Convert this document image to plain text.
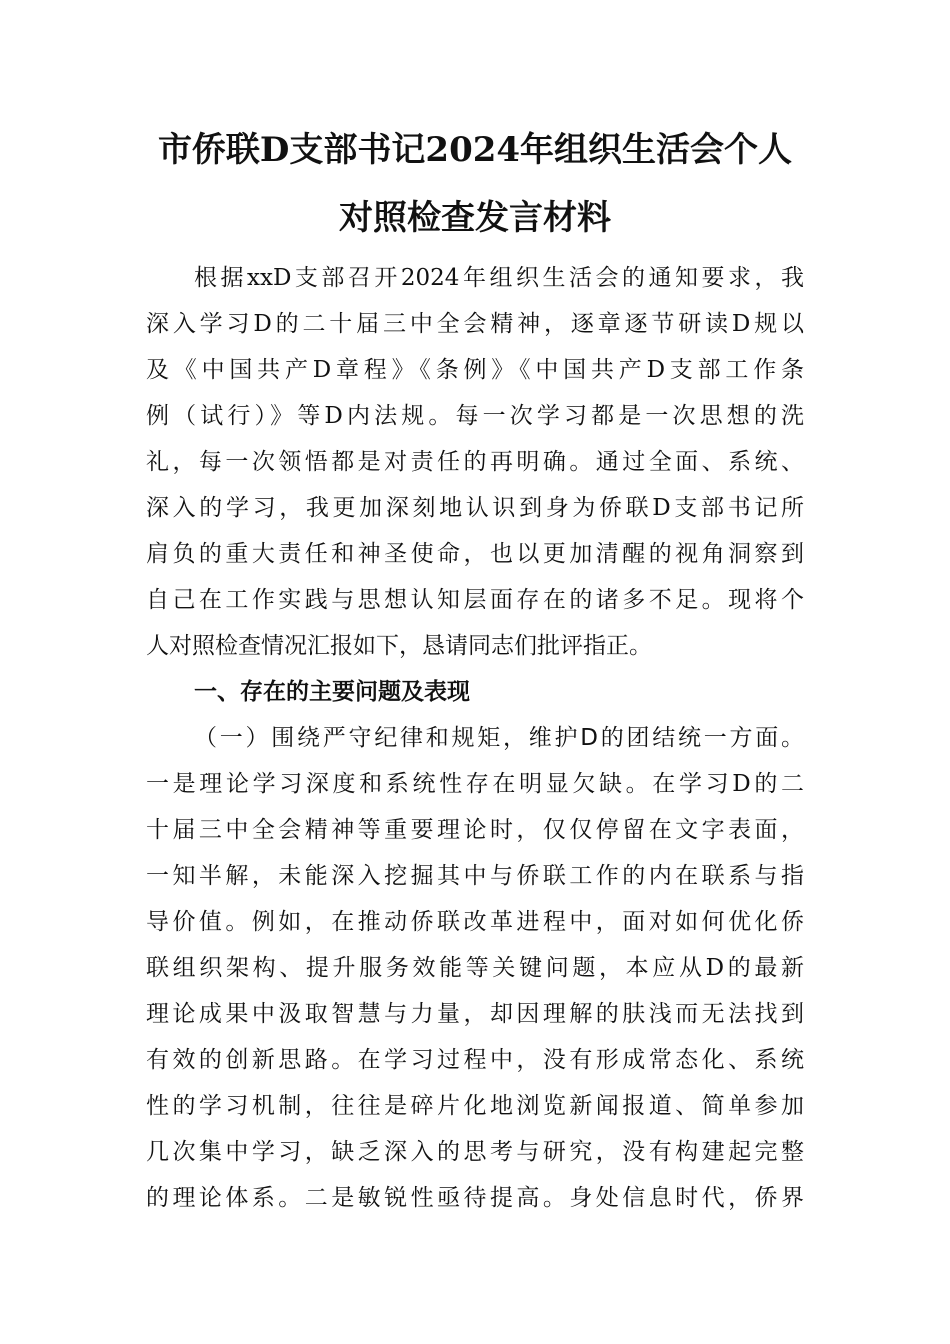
市侨联D支部书记2024年组织生活会个人
对照检查发言材料
根据xxD支部召开2024年组织生活会的通知要求，我
深入学习D的二十届三中全会精神，逐章逐节研读D规以
及《中国共产D章程》《条例》《中国共产D支部工作条
例（试行）》等D内法规。每一次学习都是一次思想的洗
礼，每一次领悟都是对责任的再明确。通过全面、系统、
深入的学习，我更加深刻地认识到身为侨联D支部书记所
肩负的重大责任和神圣使命，也以更加清醒的视角洞察到
自己在工作实践与思想认知层面存在的诸多不足。现将个
人对照检查情况汇报如下，恳请同志们批评指正。
一、存在的主要问题及表现
（一）围绕严守纪律和规矩，维护D的团结统一方面。
一是理论学习深度和系统性存在明显欠缺。在学习D的二
十届三中全会精神等重要理论时，仅仅停留在文字表面，
一知半解，未能深入挖掘其中与侨联工作的内在联系与指
导价值。例如，在推动侨联改革进程中，面对如何优化侨
联组织架构、提升服务效能等关键问题，本应从D的最新
理论成果中汲取智慧与力量，却因理解的肤浅而无法找到
有效的创新思路。在学习过程中，没有形成常态化、系统
性的学习机制，往往是碎片化地浏览新闻报道、简单参加
几次集中学习，缺乏深入的思考与研究，没有构建起完整
的理论体系。二是敏锐性亟待提高。身处信息时代，侨界
